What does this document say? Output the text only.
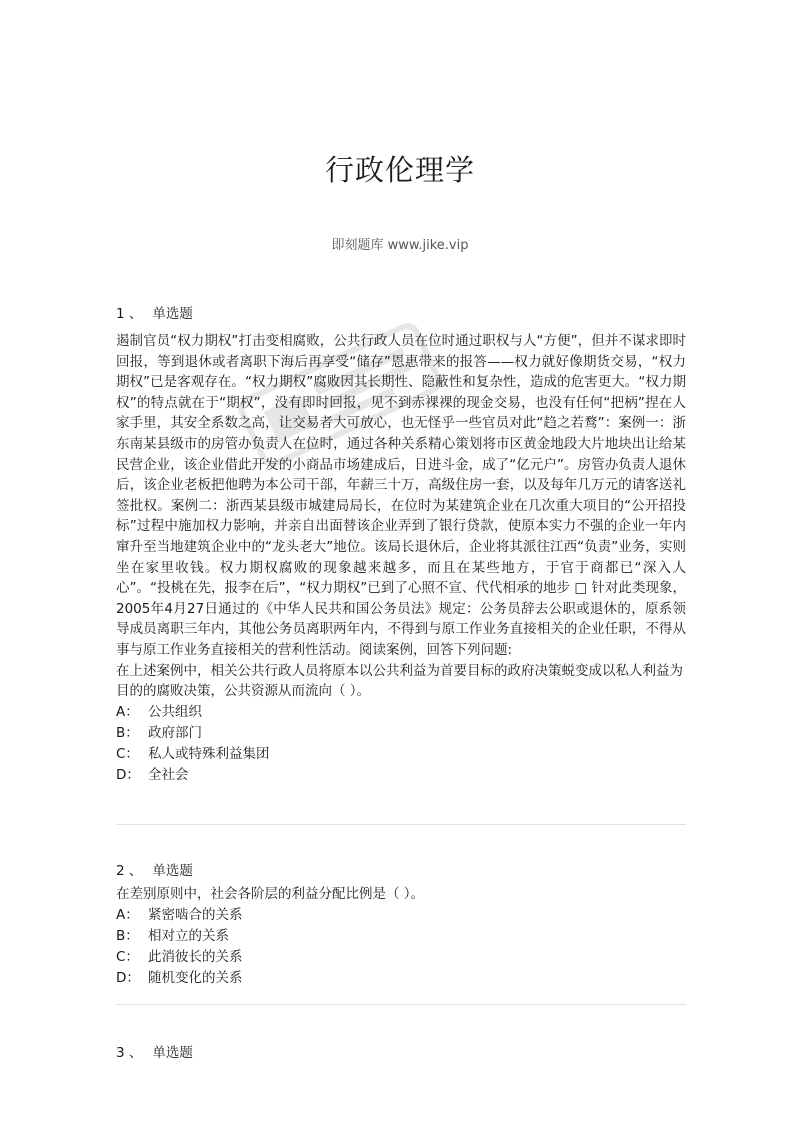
行政伦理学
即刻题库 www.jike.vip
1 、 单选题

遏制官员“权力期权”打击变相腐败，公共行政人员在位时通过职权与人“方便”，但并不谋求即时回报，等到退休或者离职下海后再享受“储存”恩惠带来的报答——权力就好像期货交易，“权力期权”已是客观存在。“权力期权”腐败因其长期性、隐蔽性和复杂性，造成的危害更大。“权力期权”的特点就在于“期权”，没有即时回报，见不到赤裸裸的现金交易，也没有任何“把柄”捏在人家手里，其安全系数之高，让交易者大可放心，也无怪乎一些官员对此“趋之若鹜”：案例一：浙东南某县级市的房管办负责人在位时，通过各种关系精心策划将市区黄金地段大片地块出让给某民营企业，该企业借此开发的小商品市场建成后，日进斗金，成了“亿元户”。房管办负责人退休后，该企业老板把他聘为本公司干部，年薪三十万，高级住房一套，以及每年几万元的请客送礼签批权。案例二：浙西某县级市城建局局长，在位时为某建筑企业在几次重大项目的“公开招投标”过程中施加权力影响，并亲自出面替该企业弄到了银行贷款，使原本实力不强的企业一年内窜升至当地建筑企业中的“龙头老大”地位。该局长退休后，企业将其派往江西“负责”业务，实则坐在家里收钱。权力期权腐败的现象越来越多，而且在某些地方，于官于商都已“深入人心”。“投桃在先，报李在后”，“权力期权”已到了心照不宣、代代相承的地步 □ 针对此类现象，2005年4月27日通过的《中华人民共和国公务员法》规定：公务员辞去公职或退休的，原系领导成员离职三年内，其他公务员离职两年内，不得到与原工作业务直接相关的企业任职，不得从事与原工作业务直接相关的营利性活动。阅读案例，回答下列问题:

在上述案例中，相关公共行政人员将原本以公共利益为首要目标的政府决策蜕变成以私人利益为目的的腐败决策，公共资源从而流向（ ）。

A： 公共组织
B： 政府部门
C： 私人或特殊利益集团
D： 全社会
2 、 单选题

在差别原则中，社会各阶层的利益分配比例是（ ）。

A： 紧密啮合的关系
B： 相对立的关系
C： 此消彼长的关系
D： 随机变化的关系
3 、 单选题
